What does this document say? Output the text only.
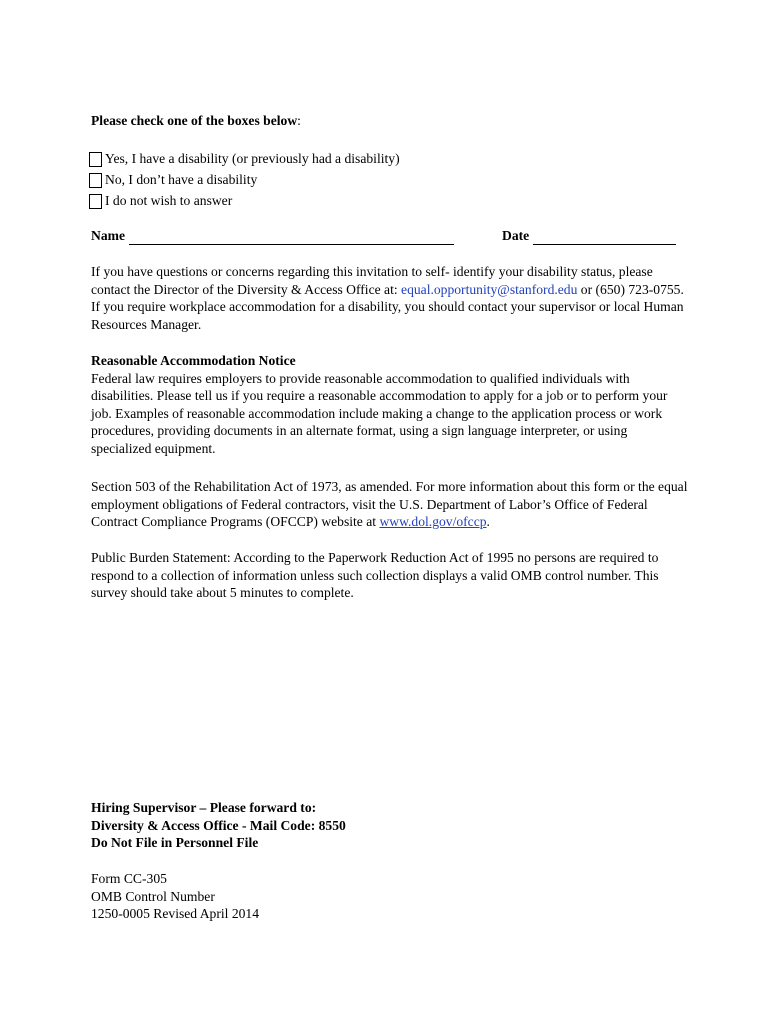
Please check one of the boxes below:
Yes, I have a disability (or previously had a disability)
No, I don’t have a disability
I do not wish to answer
Name	Date

If you have questions or concerns regarding this invitation to self- identify your disability status, please contact the Director of the Diversity & Access Office at: equal.opportunity@stanford.edu or (650) 723-0755. If you require workplace accommodation for a disability, you should contact your supervisor or local Human Resources Manager.

Reasonable Accommodation Notice

Federal law requires employers to provide reasonable accommodation to qualified individuals with disabilities. Please tell us if you require a reasonable accommodation to apply for a job or to perform your job. Examples of reasonable accommodation include making a change to the application process or work procedures, providing documents in an alternate format, using a sign language interpreter, or using specialized equipment.

Section 503 of the Rehabilitation Act of 1973, as amended. For more information about this form or the equal employment obligations of Federal contractors, visit the U.S. Department of Labor’s Office of Federal Contract Compliance Programs (OFCCP) website at www.dol.gov/ofccp.

Public Burden Statement: According to the Paperwork Reduction Act of 1995 no persons are required to respond to a collection of information unless such collection displays a valid OMB control number. This survey should take about 5 minutes to complete.

Hiring Supervisor – Please forward to:

Diversity & Access Office - Mail Code: 8550

Do Not File in Personnel File

Form CC-305

OMB Control Number

1250-0005 Revised April 2014
